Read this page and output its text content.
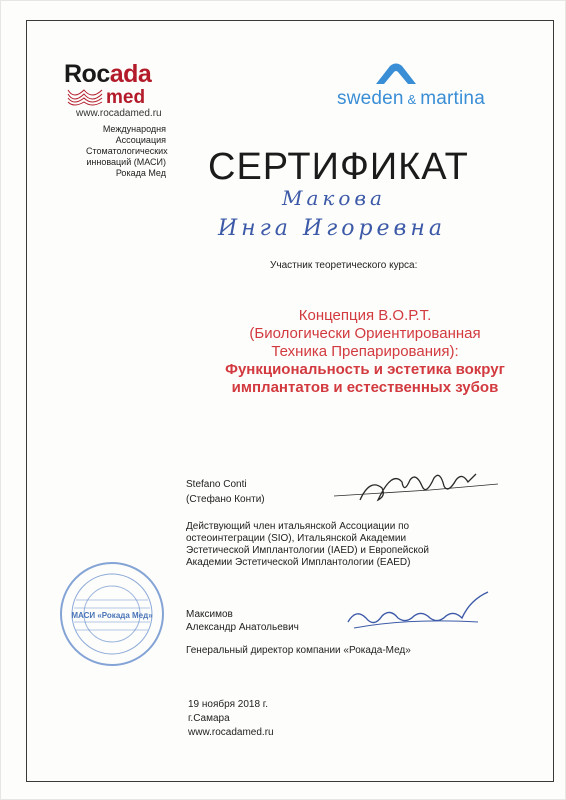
Rocada
med
www.rocadamed.ru
Международня
Ассоциация
Стоматологических
инноваций (МАСИ)
Рокада Мед
sweden & martina
СЕРТИФИКАТ
Макова
Инга Игоревна
Участник теоретического курса:
Концепция В.О.Р.Т.
(Биологически Ориентированная
Техника Препарирования):
Функциональность и эстетика вокруг
имплантатов и естественных зубов
Stefano Conti
(Стефано Конти)
Действующий член итальянской Ассоциации по
остеоинтеграции (SIO), Итальянской Академии
Эстетической Имплантологии (IAED) и Европейской
Академии Эстетической Имплантологии (EAED)
Максимов
Александр Анатольевич
Генеральный директор компании «Рокада-Мед»
МАСИ «Рокада Мед»
19 ноября 2018 г.
г.Самара
www.rocadamed.ru
